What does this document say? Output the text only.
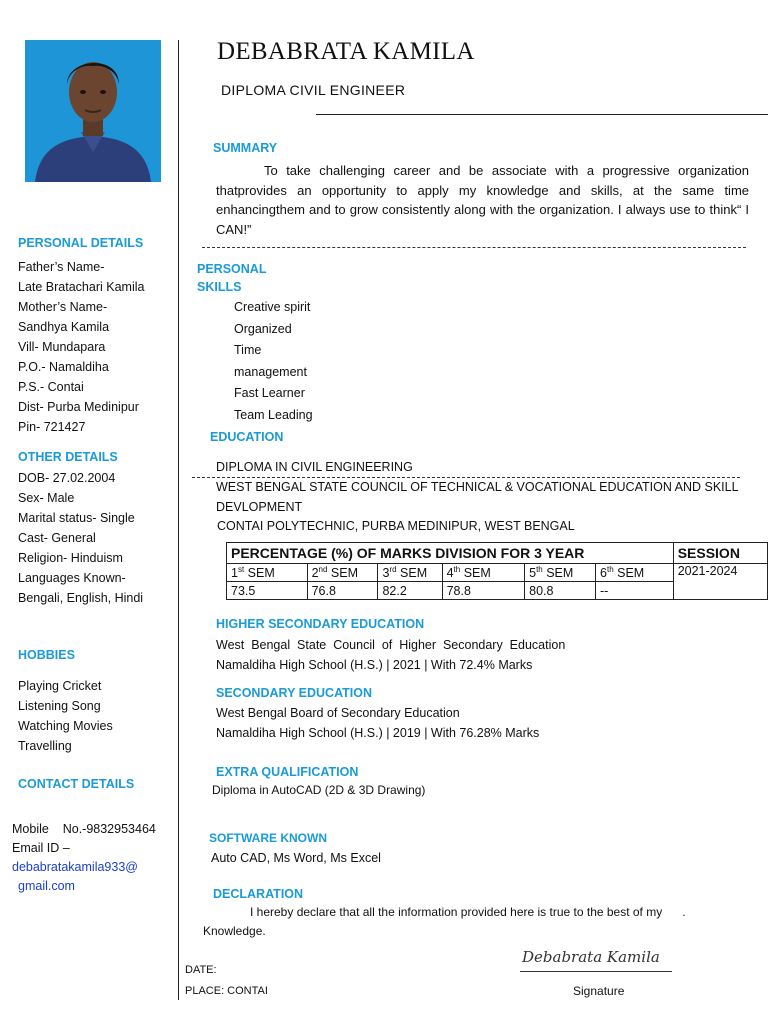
PERSONAL DETAILS
Father’s Name-
Late Bratachari Kamila
Mother’s Name-
Sandhya Kamila
Vill- Mundapara
P.O.- Namaldiha
P.S.- Contai
Dist- Purba Medinipur
Pin- 721427
OTHER DETAILS
DOB- 27.02.2004
Sex- Male
Marital status- Single
Cast- General
Religion- Hinduism
Languages Known-
Bengali, English, Hindi
HOBBIES
Playing Cricket
Listening Song
Watching Movies
Travelling
CONTACT DETAILS
Mobile    No.-9832953464
Email ID –
debabratakamila933@
gmail.com
DEBABRATA KAMILA
DIPLOMA CIVIL ENGINEER
SUMMARY
To take challenging career and be associate with a progressive organization thatprovides an opportunity to apply my knowledge and skills, at the same time enhancingthem and to grow consistently along with the organization. I always use to think“ I CAN!”
PERSONAL
SKILLS
Creative spirit
Organized
Time
management
Fast Learner
Team Leading
EDUCATION
DIPLOMA IN CIVIL ENGINEERING
WEST BENGAL STATE COUNCIL OF TECHNICAL & VOCATIONAL EDUCATION AND SKILL DEVLOPMENT
CONTAI POLYTECHNIC, PURBA MEDINIPUR, WEST BENGAL
PERCENTAGE (%) OF MARKS DIVISION FOR 3 YEAR						SESSION
1st SEM	2nd SEM	3rd SEM	4th SEM	5th SEM	6th SEM	2021-2024
73.5	76.8	82.2	78.8	80.8	--	
HIGHER SECONDARY EDUCATION
West  Bengal  State  Council  of  Higher  Secondary  Education
Namaldiha High School (H.S.) | 2021 | With 72.4% Marks
SECONDARY EDUCATION
West Bengal Board of Secondary Education
Namaldiha High School (H.S.) | 2019 | With 76.28% Marks
EXTRA QUALIFICATION
Diploma in AutoCAD (2D & 3D Drawing)
SOFTWARE KNOWN
Auto CAD, Ms Word, Ms Excel
DECLARATION
I hereby declare that all the information provided here is true to the best of my      .
Knowledge.
DATE:
PLACE: CONTAI
Debabrata Kamila
Signature
